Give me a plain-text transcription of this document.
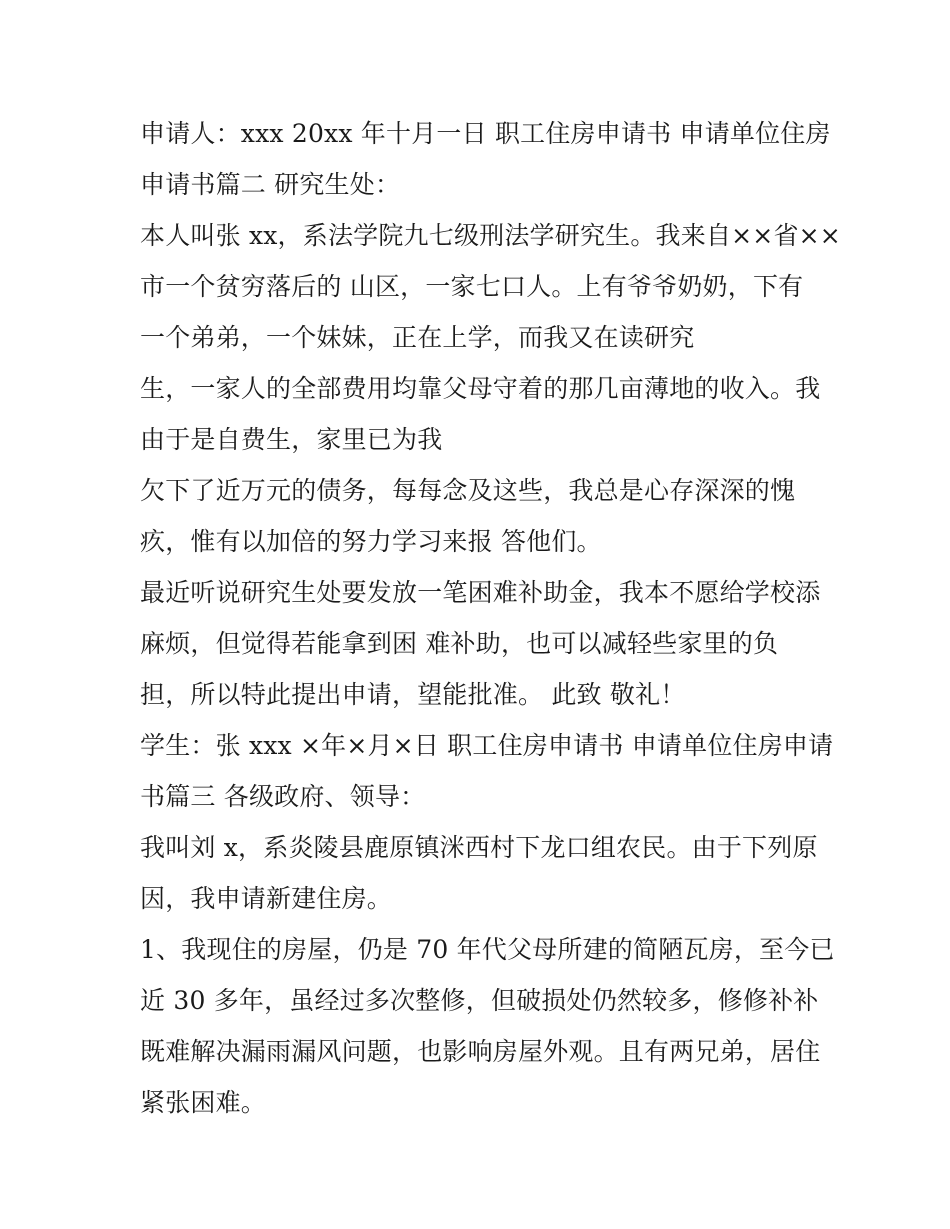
申请人：xxx 20xx 年十月一日 职工住房申请书 申请单位住房
申请书篇二 研究生处：
本人叫张 xx，系法学院九七级刑法学研究生。我来自××省××
市一个贫穷落后的 山区，一家七口人。上有爷爷奶奶，下有
一个弟弟，一个妹妹，正在上学，而我又在读研究
生，一家人的全部费用均靠父母守着的那几亩薄地的收入。我
由于是自费生，家里已为我
欠下了近万元的债务，每每念及这些，我总是心存深深的愧
疚，惟有以加倍的努力学习来报 答他们。
最近听说研究生处要发放一笔困难补助金，我本不愿给学校添
麻烦，但觉得若能拿到困 难补助，也可以减轻些家里的负
担，所以特此提出申请，望能批准。 此致 敬礼！
学生：张 xxx ×年×月×日 职工住房申请书 申请单位住房申请
书篇三 各级政府、领导：
我叫刘 x，系炎陵县鹿原镇洣西村下龙口组农民。由于下列原
因，我申请新建住房。
1、我现住的房屋，仍是 70 年代父母所建的简陋瓦房，至今已
近 30 多年，虽经过多次整修，但破损处仍然较多，修修补补
既难解决漏雨漏风问题，也影响房屋外观。且有两兄弟，居住
紧张困难。
